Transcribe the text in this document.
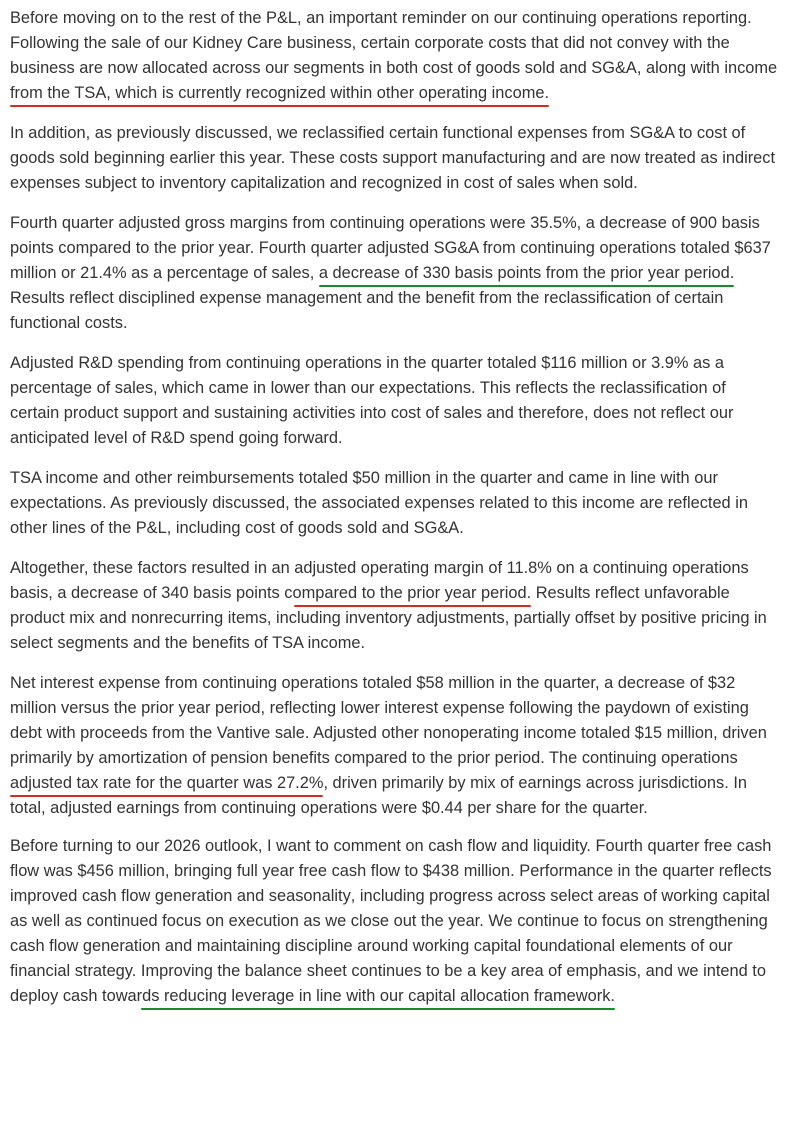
Before moving on to the rest of the P&L, an important reminder on our continuing operations reporting. Following the sale of our Kidney Care business, certain corporate costs that did not convey with the business are now allocated across our segments in both cost of goods sold and SG&A, along with income from the TSA, which is currently recognized within other operating income.

In addition, as previously discussed, we reclassified certain functional expenses from SG&A to cost of goods sold beginning earlier this year. These costs support manufacturing and are now treated as indirect expenses subject to inventory capitalization and recognized in cost of sales when sold.

Fourth quarter adjusted gross margins from continuing operations were 35.5%, a decrease of 900 basis points compared to the prior year. Fourth quarter adjusted SG&A from continuing operations totaled $637 million or 21.4% as a percentage of sales, a decrease of 330 basis points from the prior year period. Results reflect disciplined expense management and the benefit from the reclassification of certain functional costs.

Adjusted R&D spending from continuing operations in the quarter totaled $116 million or 3.9% as a percentage of sales, which came in lower than our expectations. This reflects the reclassification of certain product support and sustaining activities into cost of sales and therefore, does not reflect our anticipated level of R&D spend going forward.

TSA income and other reimbursements totaled $50 million in the quarter and came in line with our expectations. As previously discussed, the associated expenses related to this income are reflected in other lines of the P&L, including cost of goods sold and SG&A.

Altogether, these factors resulted in an adjusted operating margin of 11.8% on a continuing operations basis, a decrease of 340 basis points compared to the prior year period. Results reflect unfavorable product mix and nonrecurring items, including inventory adjustments, partially offset by positive pricing in select segments and the benefits of TSA income.

Net interest expense from continuing operations totaled $58 million in the quarter, a decrease of $32 million versus the prior year period, reflecting lower interest expense following the paydown of existing debt with proceeds from the Vantive sale. Adjusted other nonoperating income totaled $15 million, driven primarily by amortization of pension benefits compared to the prior period. The continuing operations adjusted tax rate for the quarter was 27.2%, driven primarily by mix of earnings across jurisdictions. In total, adjusted earnings from continuing operations were $0.44 per share for the quarter.

Before turning to our 2026 outlook, I want to comment on cash flow and liquidity. Fourth quarter free cash flow was $456 million, bringing full year free cash flow to $438 million. Performance in the quarter reflects improved cash flow generation and seasonality, including progress across select areas of working capital as well as continued focus on execution as we close out the year. We continue to focus on strengthening cash flow generation and maintaining discipline around working capital foundational elements of our financial strategy. Improving the balance sheet continues to be a key area of emphasis, and we intend to deploy cash towards reducing leverage in line with our capital allocation framework.
